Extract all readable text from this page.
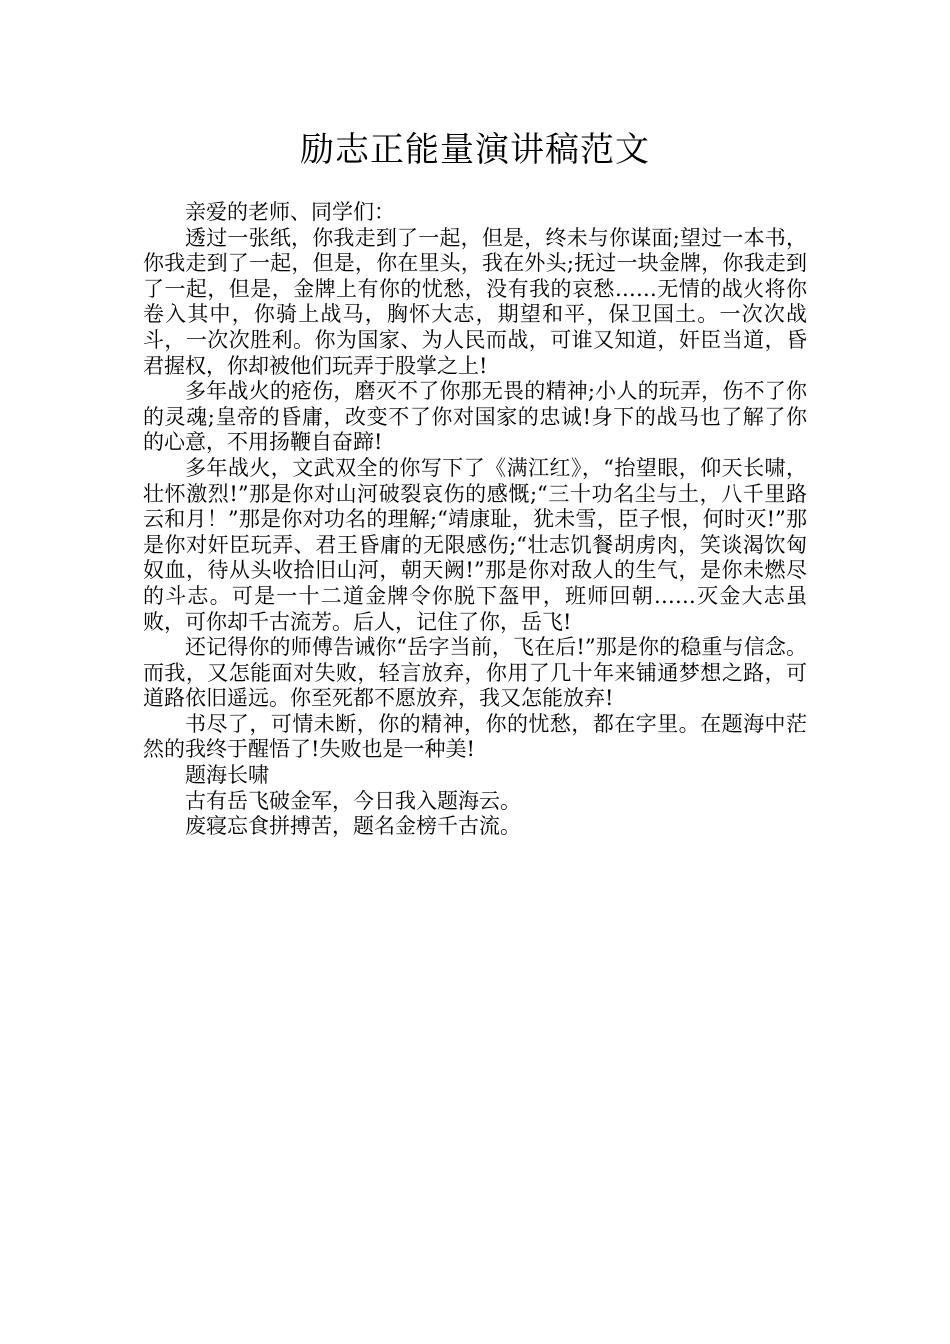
励志正能量演讲稿范文

亲爱的老师、同学们：

透过一张纸，你我走到了一起，但是，终未与你谋面;望过一本书，你我走到了一起，但是，你在里头，我在外头;抚过一块金牌，你我走到了一起，但是，金牌上有你的忧愁，没有我的哀愁……无情的战火将你卷入其中，你骑上战马，胸怀大志，期望和平，保卫国土。一次次战斗，一次次胜利。你为国家、为人民而战，可谁又知道，奸臣当道，昏君握权，你却被他们玩弄于股掌之上!

多年战火的疮伤，磨灭不了你那无畏的精神;小人的玩弄，伤不了你的灵魂;皇帝的昏庸，改变不了你对国家的忠诚!身下的战马也了解了你的心意，不用扬鞭自奋蹄!

多年战火，文武双全的你写下了《满江红》，“抬望眼，仰天长啸，壮怀激烈!”那是你对山河破裂哀伤的感慨;“三十功名尘与土，八千里路云和月！”那是你对功名的理解;“靖康耻，犹未雪，臣子恨，何时灭!”那是你对奸臣玩弄、君王昏庸的无限感伤;“壮志饥餐胡虏肉，笑谈渴饮匈奴血，待从头收拾旧山河，朝天阙!”那是你对敌人的生气，是你未燃尽的斗志。可是一十二道金牌令你脱下盔甲，班师回朝……灭金大志虽败，可你却千古流芳。后人，记住了你，岳飞!

还记得你的师傅告诫你“岳字当前，飞在后!”那是你的稳重与信念。而我，又怎能面对失败，轻言放弃，你用了几十年来铺通梦想之路，可道路依旧遥远。你至死都不愿放弃，我又怎能放弃!

书尽了，可情未断，你的精神，你的忧愁，都在字里。在题海中茫然的我终于醒悟了!失败也是一种美!

题海长啸

古有岳飞破金军，今日我入题海云。

废寝忘食拼搏苦，题名金榜千古流。
